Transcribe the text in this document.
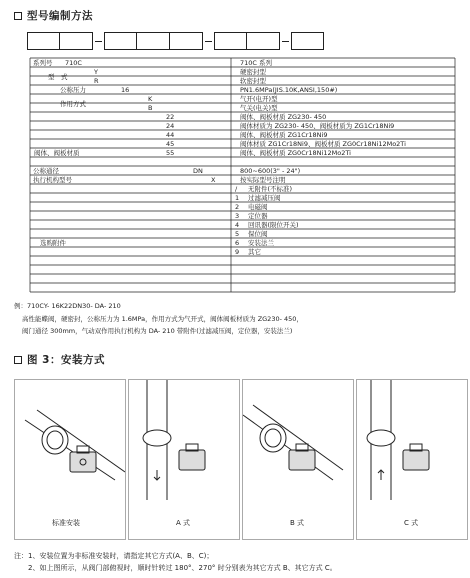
型号编制方法
系列号 710C	710C 系列
型　式
Y	硬密封型
R	软密封型
公称压力	16	PN1.6MPa(JIS.10K,ANSI,150#)
作用方式
K	气开(电开)型
B	气关(电关)型
阀体、阀板材质
22	阀体、阀板材质 ZG230- 450
24	阀体材质为 ZG230- 450、阀板材质为 ZG1Cr18Ni9
44	阀体、阀板材质 ZG1Cr18Ni9
45	阀体材质 ZG1Cr18Ni9、阀板材质 ZG0Cr18Ni12Mo2Ti
55	阀体、阀板材质 ZG0Cr18Ni12Mo2Ti
公称通径	DN	800~600(3" - 24")
执行机构型号	X	按实际型号注明
选购附件
/ 无附件(不标准)
1 过滤减压阀
2 电磁阀
3 定位器
4 回讯器(限位开关)
5 保位阀
6 安装法兰
9 其它
例：710CY- 16K22DN30- DA- 210
高性能蝶阀，硬密封，公称压力为 1.6MPa，作用方式为气开式，阀体阀板材质为 ZG230- 450，
阀门通径 300mm，气动双作用执行机构为 DA- 210 带附件(过滤减压阀，定位器，安装法兰)
图 3：安装方式
标准安装	A 式	B 式	C 式
注：1、安装位置为非标准安装时，请指定其它方式(A、B、C)；
　　2、如上图所示，从阀门部俯视时，顺时针转过 180°、270° 时分别表为其它方式 B、其它方式 C。
